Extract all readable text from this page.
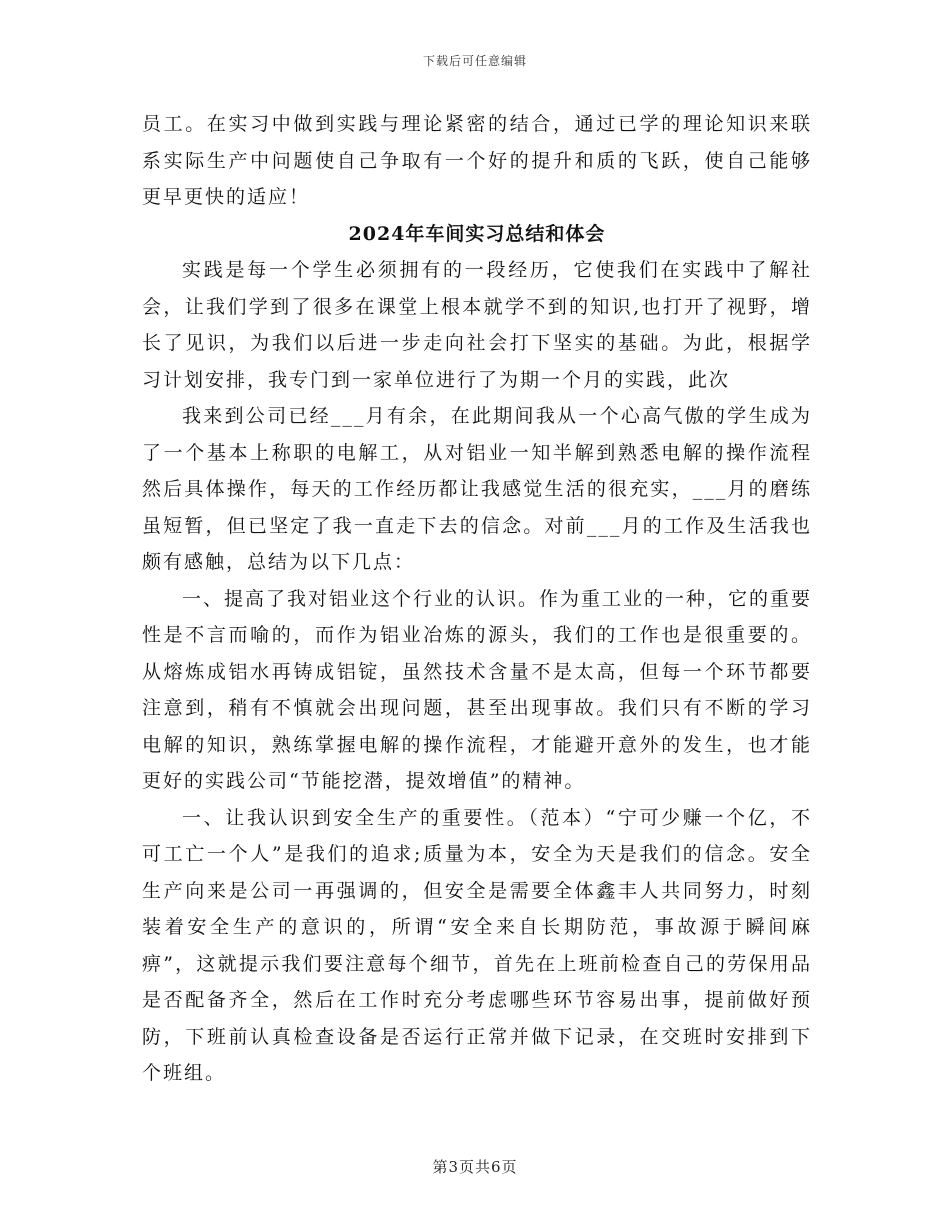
下载后可任意编辑

员工。在实习中做到实践与理论紧密的结合，通过已学的理论知识来联系实际生产中问题使自己争取有一个好的提升和质的飞跃，使自己能够更早更快的适应！

2024年车间实习总结和体会

实践是每一个学生必须拥有的一段经历，它使我们在实践中了解社会，让我们学到了很多在课堂上根本就学不到的知识,也打开了视野，增长了见识，为我们以后进一步走向社会打下坚实的基础。为此，根据学习计划安排，我专门到一家单位进行了为期一个月的实践，此次

我来到公司已经___月有余，在此期间我从一个心高气傲的学生成为了一个基本上称职的电解工，从对铝业一知半解到熟悉电解的操作流程然后具体操作，每天的工作经历都让我感觉生活的很充实，___月的磨练虽短暂，但已坚定了我一直走下去的信念。对前___月的工作及生活我也颇有感触，总结为以下几点：

一、提高了我对铝业这个行业的认识。作为重工业的一种，它的重要性是不言而喻的，而作为铝业冶炼的源头，我们的工作也是很重要的。从熔炼成铝水再铸成铝锭，虽然技术含量不是太高，但每一个环节都要注意到，稍有不慎就会出现问题，甚至出现事故。我们只有不断的学习电解的知识，熟练掌握电解的操作流程，才能避开意外的发生，也才能更好的实践公司“节能挖潜，提效增值”的精神。

一、让我认识到安全生产的重要性。（范本）“宁可少赚一个亿，不可工亡一个人”是我们的追求;质量为本，安全为天是我们的信念。安全生产向来是公司一再强调的，但安全是需要全体鑫丰人共同努力，时刻装着安全生产的意识的，所谓“安全来自长期防范，事故源于瞬间麻痹”，这就提示我们要注意每个细节，首先在上班前检查自己的劳保用品是否配备齐全，然后在工作时充分考虑哪些环节容易出事，提前做好预防，下班前认真检查设备是否运行正常并做下记录，在交班时安排到下个班组。

第3页共6页
